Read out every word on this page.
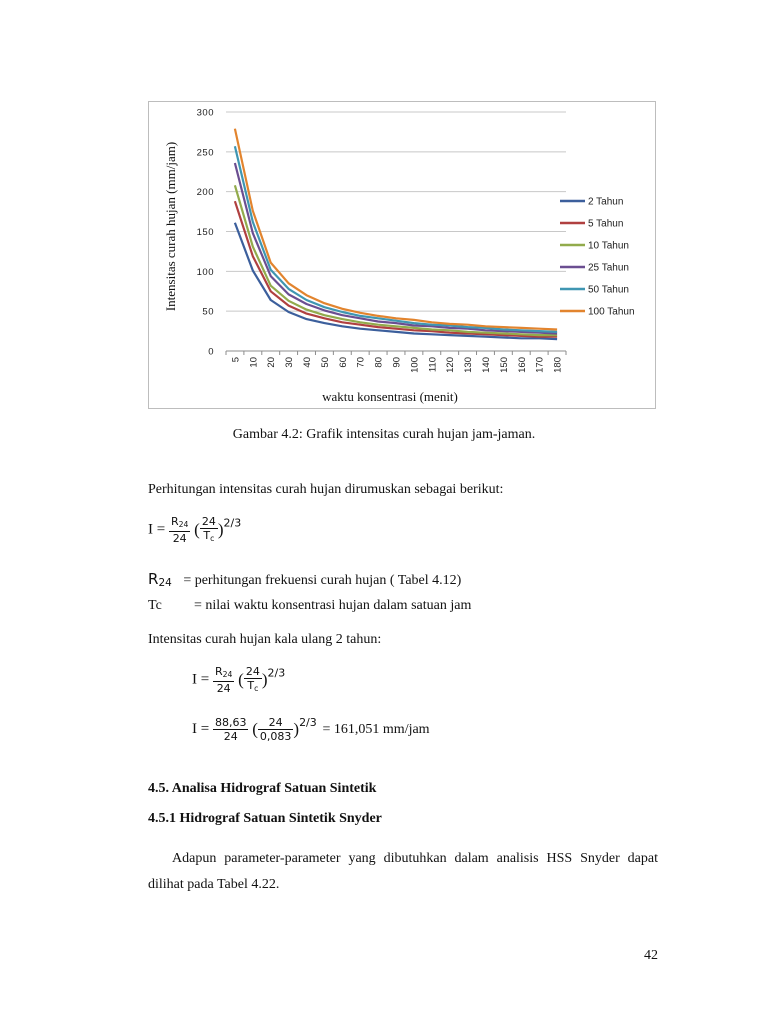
0
50
100
150
200
250
300
5 10 20 30 40 50 60 70 80 90 100 110 120 130 140 150 160 170 180
2 Tahun
5 Tahun
10 Tahun
25 Tahun
50 Tahun
100 Tahun
Intensitas curah hujan (mm/jam)
waktu konsentrasi (menit)
Gambar 4.2: Grafik intensitas curah hujan jam-jaman.
Perhitungan intensitas curah hujan dirumuskan sebagai berikut:
$I = \frac{R_{24}}{24}$ ( $\frac{24}{T_c} )^{2/3}$
R24 = perhitungan frekuensi curah hujan ( Tabel 4.12)
Tc = nilai waktu konsentrasi hujan dalam satuan jam
Intensitas curah hujan kala ulang 2 tahun:
$I = \frac{R_{24}}{24}$ ( $\frac{24}{T_c} )^{2/3}$
$I = \frac{88,63}{24}$ ( $\frac{24}{0,083} )^{2/3} = 161,051$ mm/jam
4.5. Analisa Hidrograf Satuan Sintetik
4.5.1 Hidrograf Satuan Sintetik Snyder
Adapun parameter-parameter yang dibutuhkan dalam analisis HSS Snyder dapat dilihat pada Tabel 4.22.
42
